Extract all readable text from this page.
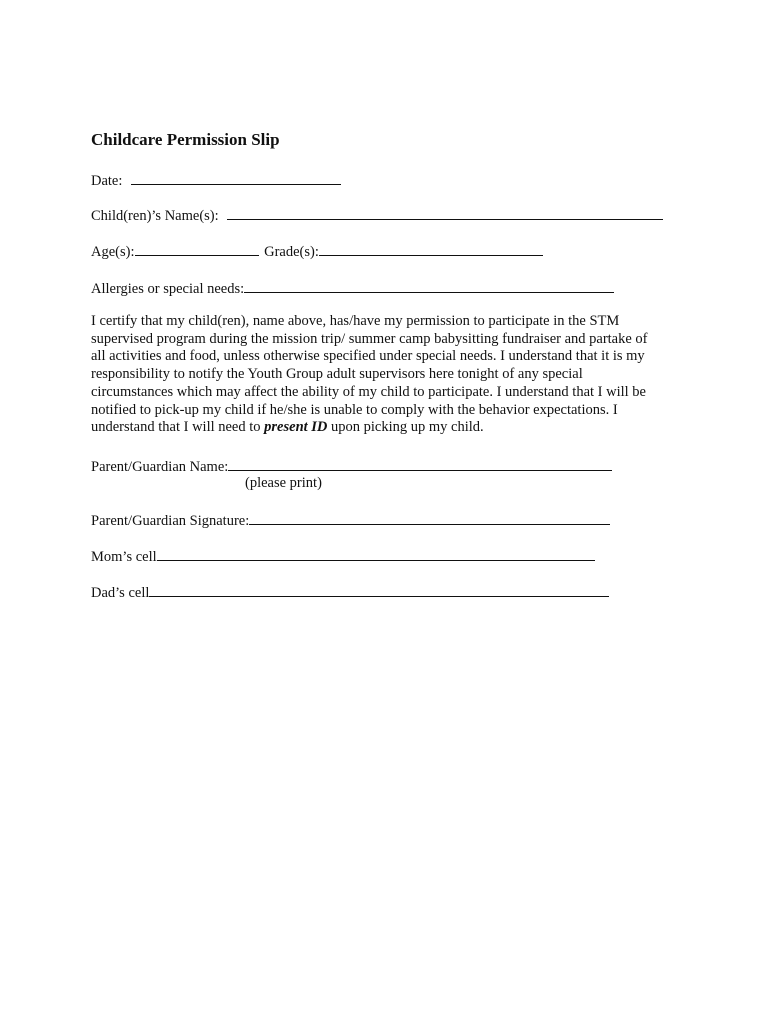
Childcare Permission Slip
Date:
Child(ren)’s Name(s):
Age(s):	Grade(s):
Allergies or special needs:
I certify that my child(ren), name above, has/have my permission to participate in the STM
supervised program during the mission trip/ summer camp babysitting fundraiser and partake of
all activities and food, unless otherwise specified under special needs. I understand that it is my
responsibility to notify the Youth Group adult supervisors here tonight of any special
circumstances which may affect the ability of my child to participate. I understand that I will be
notified to pick-up my child if he/she is unable to comply with the behavior expectations. I
understand that I will need to present ID upon picking up my child.
Parent/Guardian Name:
(please print)
Parent/Guardian Signature:
Mom’s cell
Dad’s cell
